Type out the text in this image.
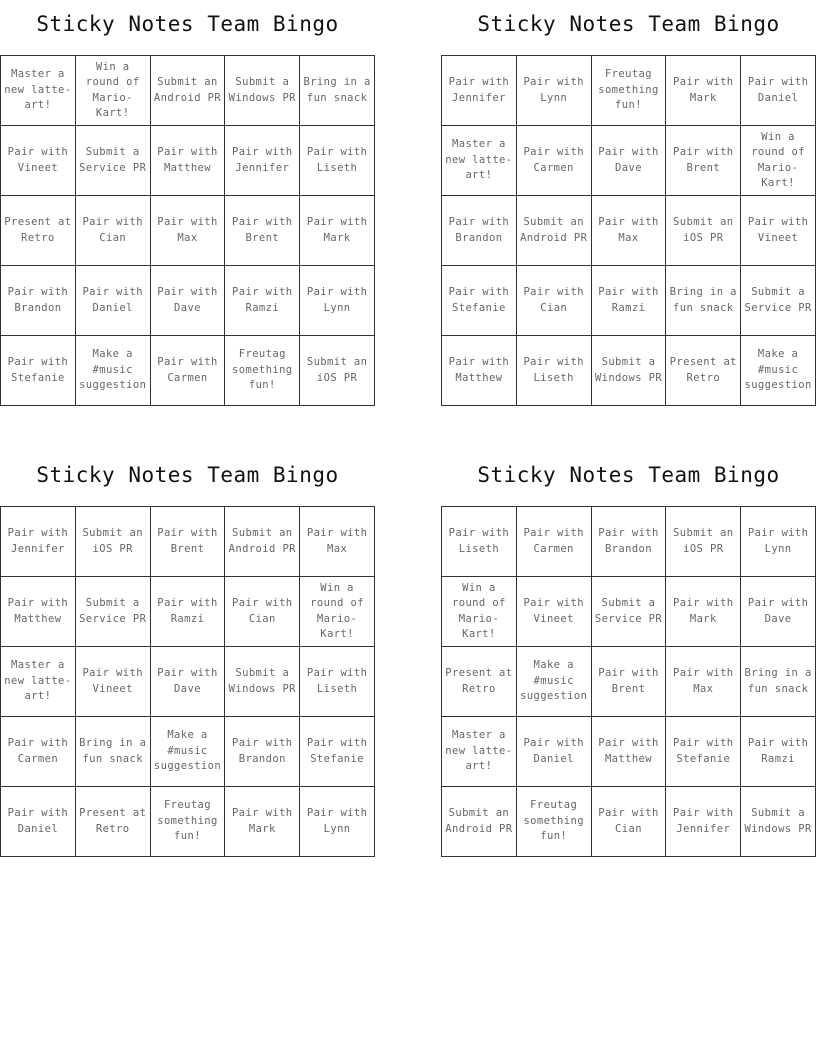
Sticky Notes Team Bingo
Master a new latte-art!
Win a round of Mario-Kart!
Submit an Android PR
Submit a Windows PR
Bring in a fun snack
Pair with Vineet
Submit a Service PR
Pair with Matthew
Pair with Jennifer
Pair with Liseth
Present at Retro
Pair with Cian
Pair with Max
Pair with Brent
Pair with Mark
Pair with Brandon
Pair with Daniel
Pair with Dave
Pair with Ramzi
Pair with Lynn
Pair with Stefanie
Make a #music suggestion
Pair with Carmen
Freutag something fun!
Submit an iOS PR
Sticky Notes Team Bingo
Pair with Jennifer
Pair with Lynn
Freutag something fun!
Pair with Mark
Pair with Daniel
Master a new latte-art!
Pair with Carmen
Pair with Dave
Pair with Brent
Win a round of Mario-Kart!
Pair with Brandon
Submit an Android PR
Pair with Max
Submit an iOS PR
Pair with Vineet
Pair with Stefanie
Pair with Cian
Pair with Ramzi
Bring in a fun snack
Submit a Service PR
Pair with Matthew
Pair with Liseth
Submit a Windows PR
Present at Retro
Make a #music suggestion
Sticky Notes Team Bingo
Pair with Jennifer
Submit an iOS PR
Pair with Brent
Submit an Android PR
Pair with Max
Pair with Matthew
Submit a Service PR
Pair with Ramzi
Pair with Cian
Win a round of Mario-Kart!
Master a new latte-art!
Pair with Vineet
Pair with Dave
Submit a Windows PR
Pair with Liseth
Pair with Carmen
Bring in a fun snack
Make a #music suggestion
Pair with Brandon
Pair with Stefanie
Pair with Daniel
Present at Retro
Freutag something fun!
Pair with Mark
Pair with Lynn
Sticky Notes Team Bingo
Pair with Liseth
Pair with Carmen
Pair with Brandon
Submit an iOS PR
Pair with Lynn
Win a round of Mario-Kart!
Pair with Vineet
Submit a Service PR
Pair with Mark
Pair with Dave
Present at Retro
Make a #music suggestion
Pair with Brent
Pair with Max
Bring in a fun snack
Master a new latte-art!
Pair with Daniel
Pair with Matthew
Pair with Stefanie
Pair with Ramzi
Submit an Android PR
Freutag something fun!
Pair with Cian
Pair with Jennifer
Submit a Windows PR
